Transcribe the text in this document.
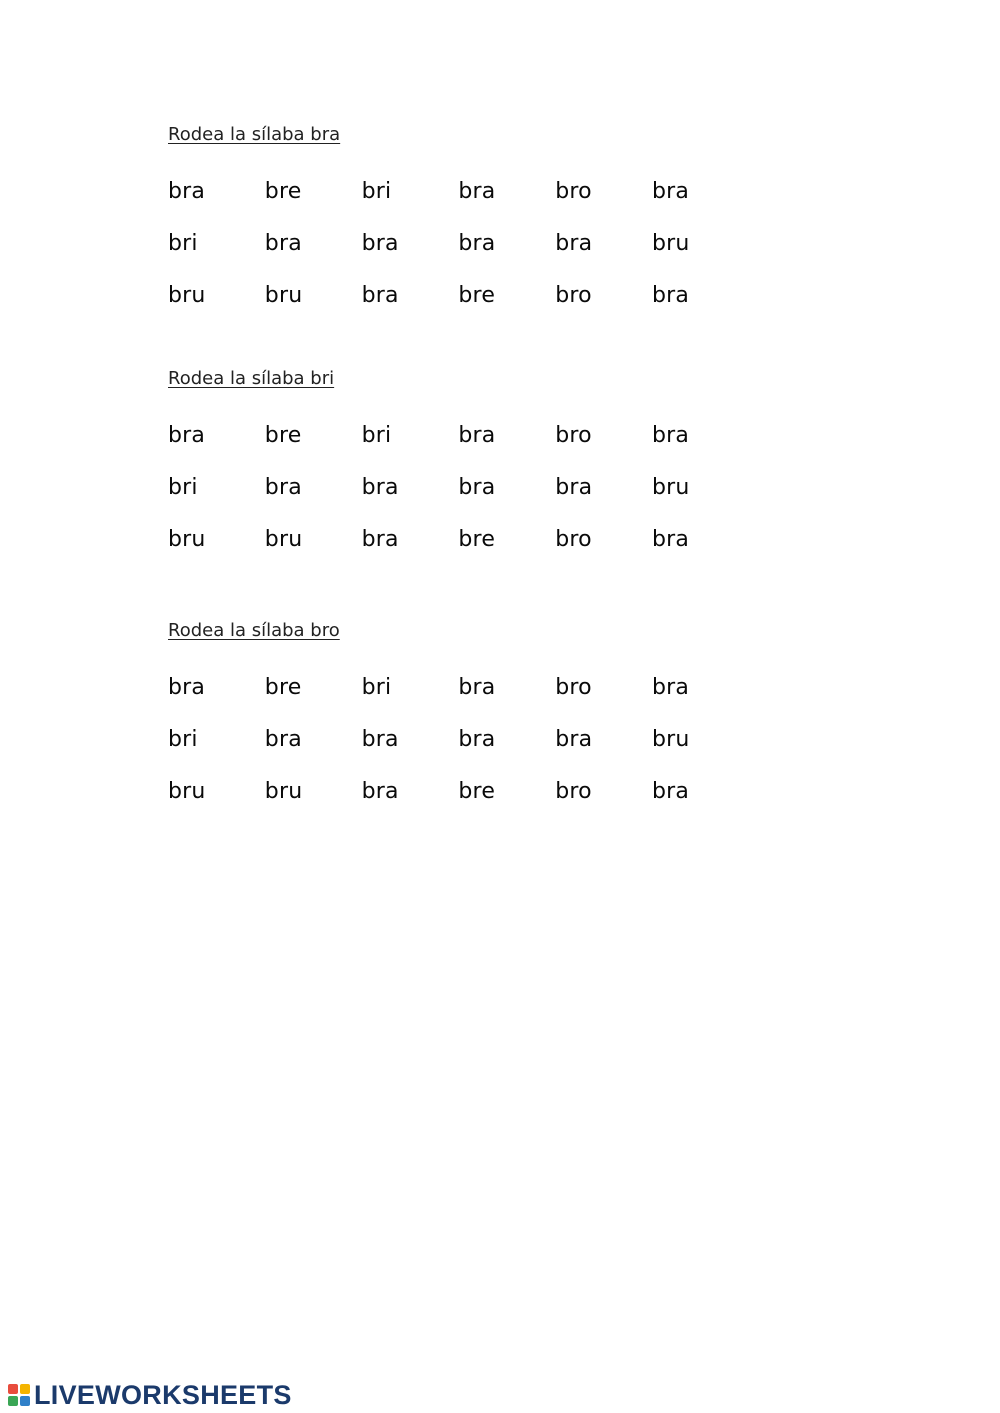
Rodea la sílaba bra

bra	bre	bri	bra	bro	bra
bri	bra	bra	bra	bra	bru
bru	bru	bra	bre	bro	bra

Rodea la sílaba bri

bra	bre	bri	bra	bro	bra
bri	bra	bra	bra	bra	bru
bru	bru	bra	bre	bro	bra

Rodea la sílaba bro

bra	bre	bri	bra	bro	bra
bri	bra	bra	bra	bra	bru
bru	bru	bra	bre	bro	bra
LIVEWORKSHEETS
